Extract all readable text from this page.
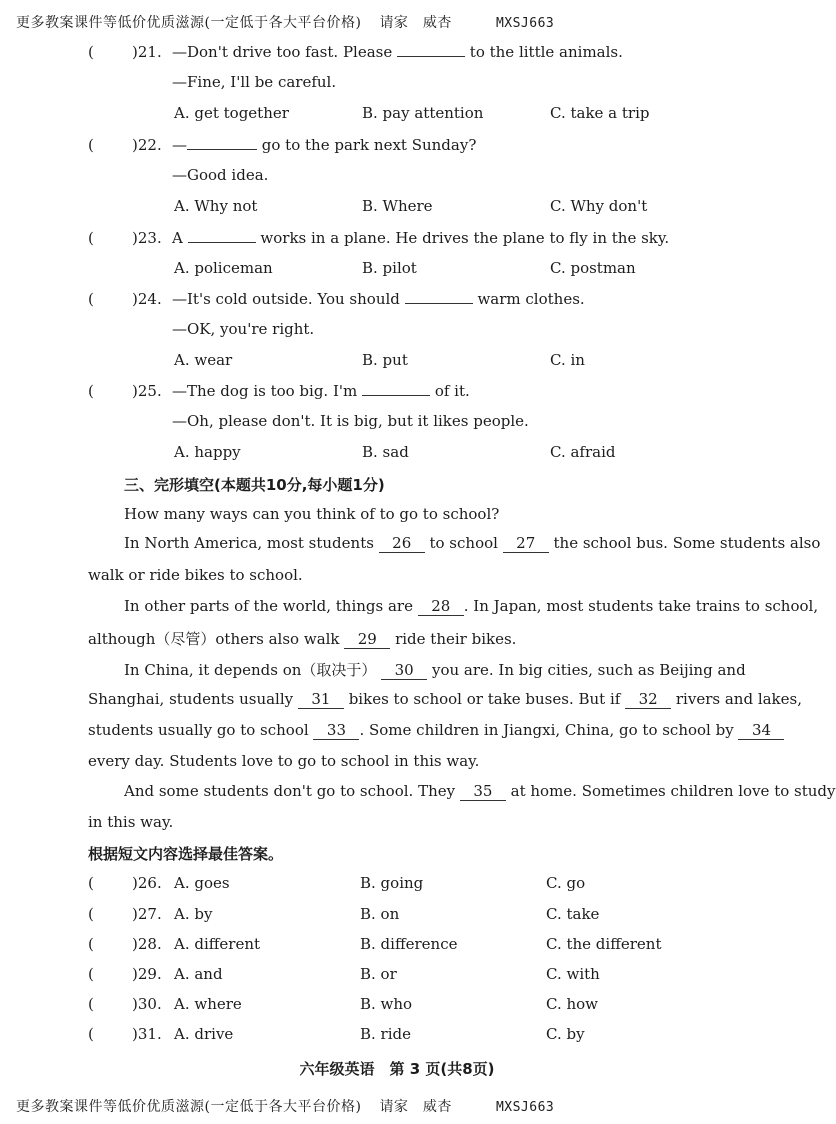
更多教案课件等低价优质滋源(一定低于各大平台价格) 请家　威杏	MXSJ663
(	)21. —Don't drive too fast. Please	to the little animals.
—Fine, I'll be careful.
A. get together	B. pay attention	C. take a trip
(	)22. —	go to the park next Sunday?
—Good idea.
A. Why not	B. Where	C. Why don't
(	)23. A	works in a plane. He drives the plane to fly in the sky.
A. policeman	B. pilot	C. postman
(	)24. —It's cold outside. You should	warm clothes.
—OK, you're right.
A. wear	B. put	C. in
(	)25. —The dog is too big. I'm	of it.
—Oh, please don't. It is big, but it likes people.
A. happy	B. sad	C. afraid
三、完形填空(本题共10分,每小题1分)
How many ways can you think of to go to school?
In North America, most students 26 to school 27 the school bus. Some students also
walk or ride bikes to school.
In other parts of the world, things are 28 . In Japan, most students take trains to school,
although（尽管）others also walk 29 ride their bikes.
In China, it depends on（取决于） 30 you are. In big cities, such as Beijing and
Shanghai, students usually 31 bikes to school or take buses. But if 32 rivers and lakes,
students usually go to school 33 . Some children in Jiangxi, China, go to school by 34
every day. Students love to go to school in this way.
And some students don't go to school. They 35 at home. Sometimes children love to study
in this way.
根据短文内容选择最佳答案。
(	)26. A. goes	B. going	C. go
(	)27. A. by	B. on	C. take
(	)28. A. different	B. difference	C. the different
(	)29. A. and	B. or	C. with
(	)30. A. where	B. who	C. how
(	)31. A. drive	B. ride	C. by
六年级英语　第 3 页(共8页)
更多教案课件等低价优质滋源(一定低于各大平台价格) 请家　威杏	MXSJ663
